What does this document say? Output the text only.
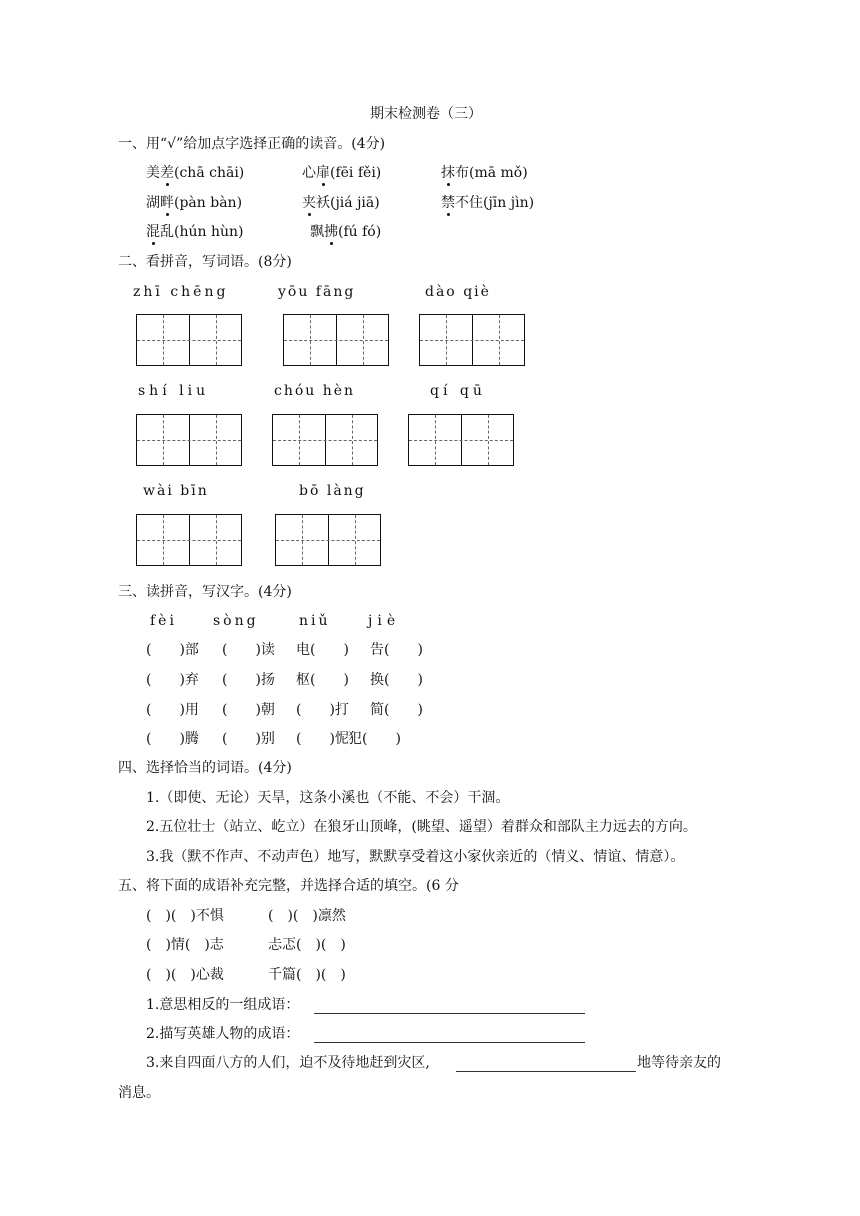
期末检测卷（三）
一、用“√”给加点字选择正确的读音。(4分)
美差(chā chāi)	心扉(fēi fěi)	抹布(mā mǒ)
湖畔(pàn bàn)	夹袄(jiá jiā)	禁不住(jīn jìn)
混乱(hún hùn)	飘拂(fú fó)
二、看拼音，写词语。(8分)
zhī chēng	yōu fāng	dào qiè
shí liu	chóu hèn	qí qū
wài bīn	bō làng
三、读拼音，写汉字。(4分)
fèi	sòng	niǔ	jiè
(　　)部 (　　)读 电(　　) 告(　　)
(　　)弃 (　　)扬 枢(　　) 换(　　)
(　　)用 (　　)朝 (　　)打 简(　　)
(　　)腾 (　　)别 (　　)怩 犯(　　)
四、选择恰当的词语。(4分)
1.（即使、无论）天旱，这条小溪也（不能、不会）干涸。
2.五位壮士（站立、屹立）在狼牙山顶峰，(眺望、遥望）着群众和部队主力远去的方向。
3.我（默不作声、不动声色）地写，默默享受着这小家伙亲近的（情义、情谊、情意）。
五、将下面的成语补充完整，并选择合适的填空。(6 分
(　)(　)不惧	(　)(　)凛然
(　)情(　)志	忐忑(　)(　)
(　)(　)心裁	千篇(　)(　)
1.意思相反的一组成语：
2.描写英雄人物的成语：
3.来自四面八方的人们，迫不及待地赶到灾区,	地等待亲友的
消息。
